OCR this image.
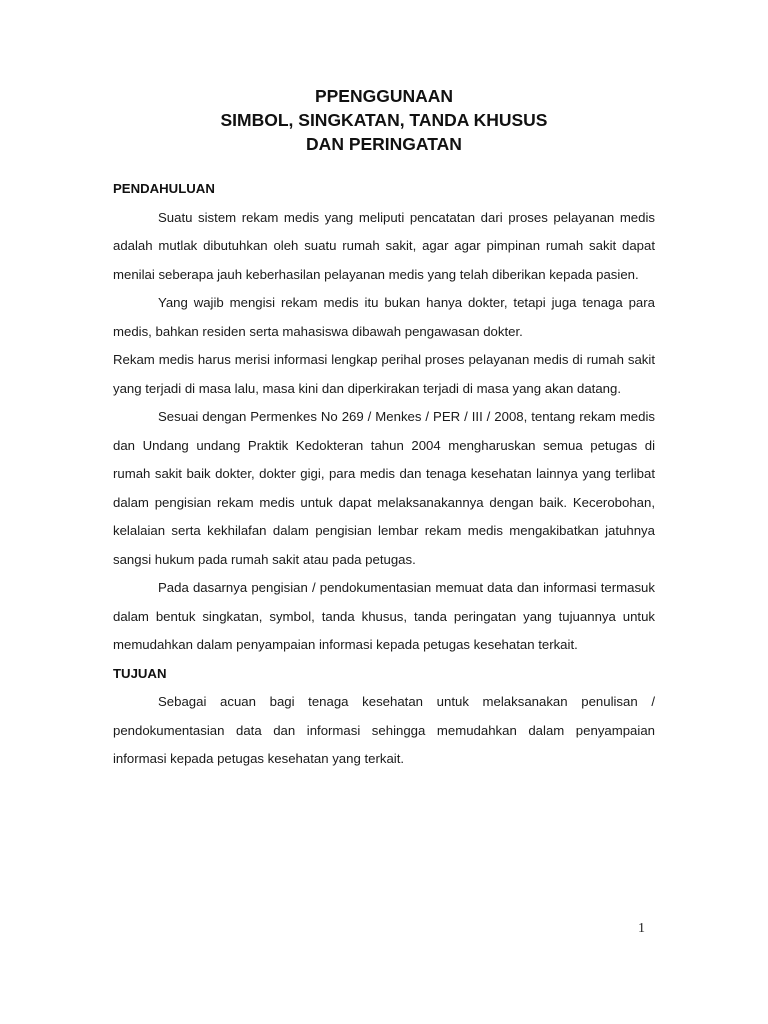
PPENGGUNAAN
SIMBOL, SINGKATAN, TANDA KHUSUS
DAN PERINGATAN
PENDAHULUAN

Suatu sistem rekam medis yang meliputi pencatatan dari proses pelayanan medis adalah mutlak dibutuhkan oleh suatu rumah sakit, agar agar pimpinan rumah sakit dapat menilai seberapa jauh keberhasilan pelayanan medis yang telah diberikan kepada pasien.

Yang wajib mengisi rekam medis itu bukan hanya dokter, tetapi juga tenaga para medis, bahkan residen serta mahasiswa dibawah pengawasan dokter.

Rekam medis harus merisi informasi lengkap perihal proses pelayanan medis di rumah sakit yang terjadi di masa lalu, masa kini dan diperkirakan terjadi di masa yang akan datang.

Sesuai dengan Permenkes No 269 / Menkes / PER / III / 2008, tentang rekam medis dan Undang undang Praktik Kedokteran tahun 2004 mengharuskan semua petugas di rumah sakit baik dokter, dokter gigi, para medis dan tenaga kesehatan lainnya yang terlibat dalam pengisian rekam medis untuk dapat melaksanakannya dengan baik. Kecerobohan, kelalaian serta kekhilafan dalam pengisian lembar rekam medis mengakibatkan jatuhnya sangsi hukum pada rumah sakit atau pada petugas.

Pada dasarnya pengisian / pendokumentasian memuat data dan informasi termasuk dalam bentuk singkatan, symbol, tanda khusus, tanda peringatan yang tujuannya untuk memudahkan dalam penyampaian informasi kepada petugas kesehatan terkait.

TUJUAN

Sebagai acuan bagi tenaga kesehatan untuk melaksanakan penulisan / pendokumentasian data dan informasi sehingga memudahkan dalam penyampaian informasi kepada petugas kesehatan yang terkait.

1
